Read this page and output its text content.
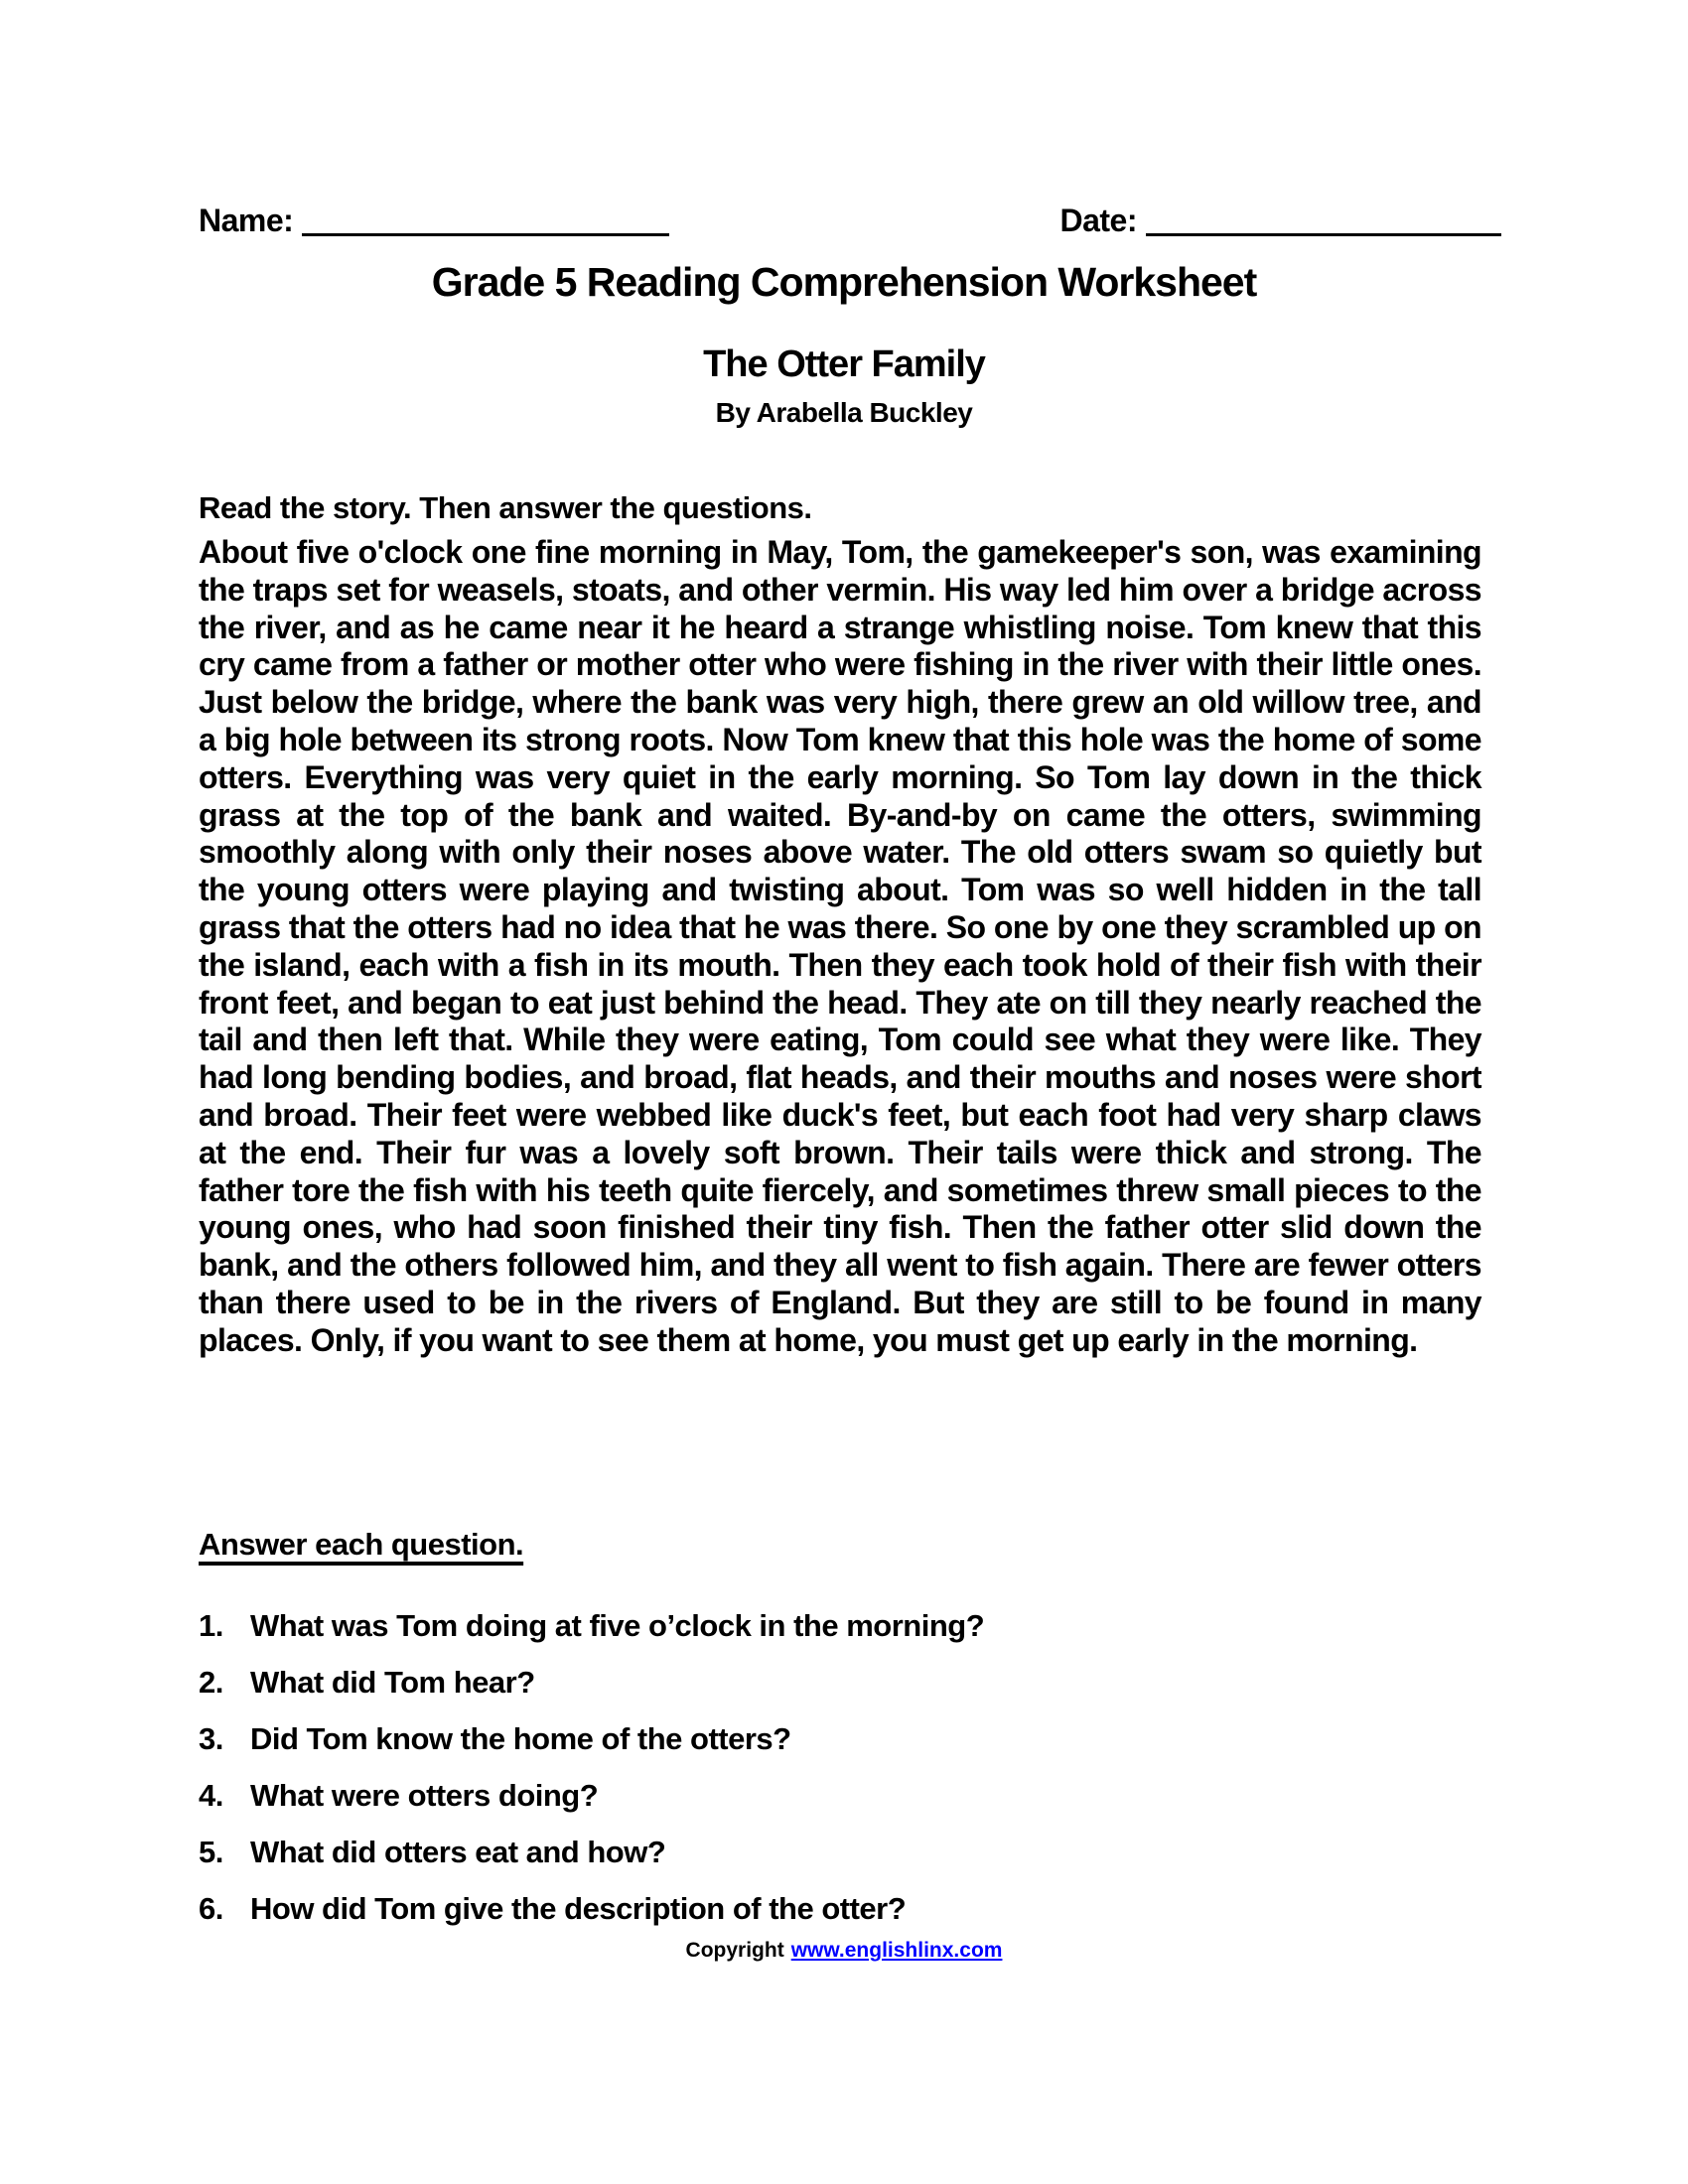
Name:	Date:
Grade 5 Reading Comprehension Worksheet
The Otter Family
By Arabella Buckley
Read the story. Then answer the questions.
About five o'clock one fine morning in May, Tom, the gamekeeper's son, was examining the traps set for weasels, stoats, and other vermin. His way led him over a bridge across the river, and as he came near it he heard a strange whistling noise. Tom knew that this cry came from a father or mother otter who were fishing in the river with their little ones. Just below the bridge, where the bank was very high, there grew an old willow tree, and a big hole between its strong roots. Now Tom knew that this hole was the home of some otters. Everything was very quiet in the early morning. So Tom lay down in the thick grass at the top of the bank and waited. By-and-by on came the otters, swimming smoothly along with only their noses above water. The old otters swam so quietly but the young otters were playing and twisting about. Tom was so well hidden in the tall grass that the otters had no idea that he was there. So one by one they scrambled up on the island, each with a fish in its mouth. Then they each took hold of their fish with their front feet, and began to eat just behind the head. They ate on till they nearly reached the tail and then left that. While they were eating, Tom could see what they were like. They had long bending bodies, and broad, flat heads, and their mouths and noses were short and broad. Their feet were webbed like duck's feet, but each foot had very sharp claws at the end. Their fur was a lovely soft brown. Their tails were thick and strong. The father tore the fish with his teeth quite fiercely, and sometimes threw small pieces to the young ones, who had soon finished their tiny fish. Then the father otter slid down the bank, and the others followed him, and they all went to fish again. There are fewer otters than there used to be in the rivers of England. But they are still to be found in many places. Only, if you want to see them at home, you must get up early in the morning.
Answer each question.
1. What was Tom doing at five o’clock in the morning?
2. What did Tom hear?
3. Did Tom know the home of the otters?
4. What were otters doing?
5. What did otters eat and how?
6. How did Tom give the description of the otter?
Copyright www.englishlinx.com
